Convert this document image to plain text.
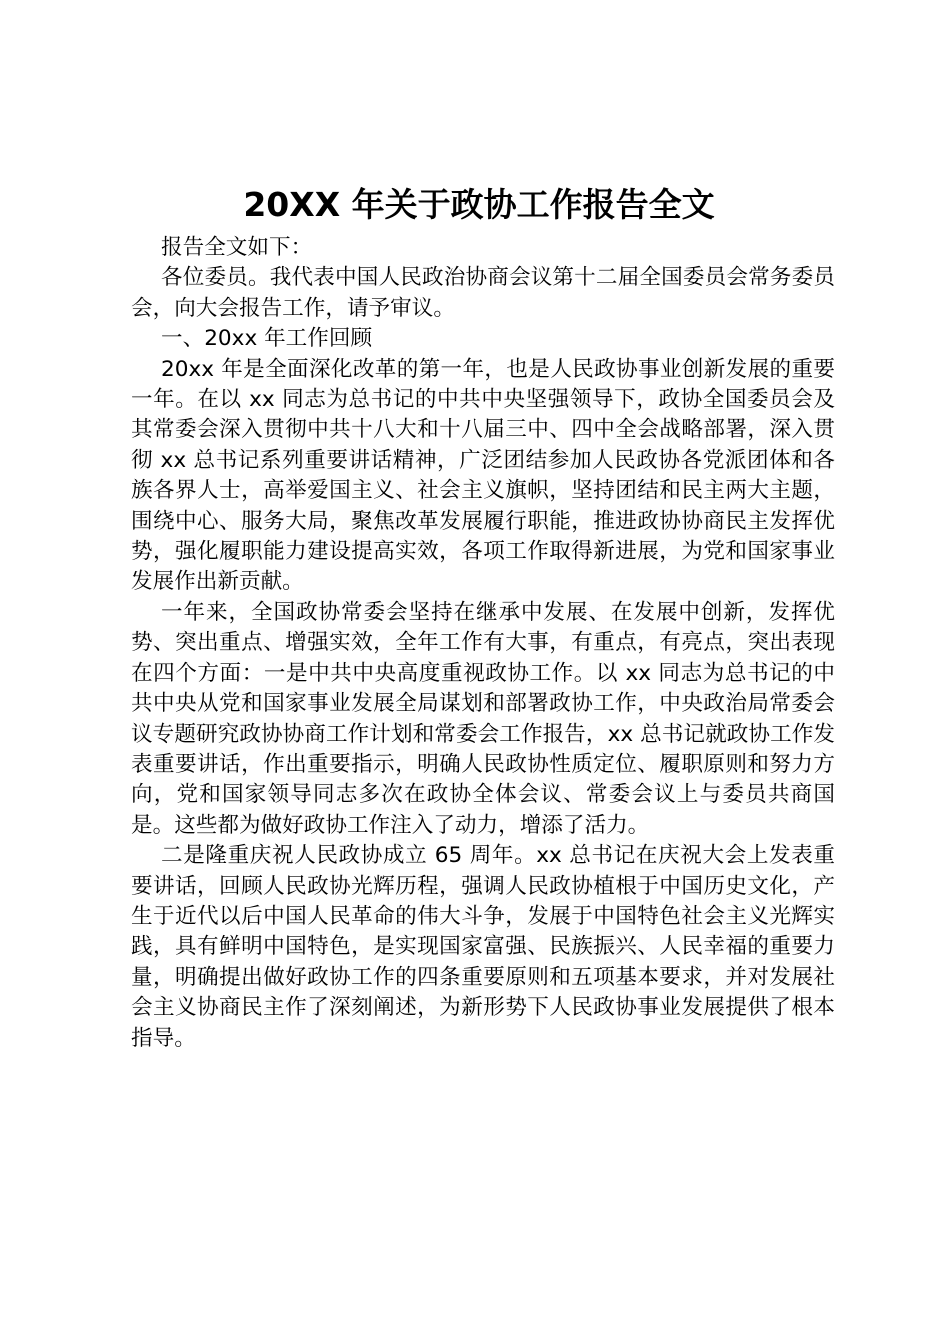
20XX 年关于政协工作报告全文

报告全文如下：

各位委员。我代表中国人民政治协商会议第十二届全国委员会常务委员会，向大会报告工作，请予审议。

一、20xx 年工作回顾

20xx 年是全面深化改革的第一年，也是人民政协事业创新发展的重要一年。在以 xx 同志为总书记的中共中央坚强领导下，政协全国委员会及其常委会深入贯彻中共十八大和十八届三中、四中全会战略部署，深入贯彻 xx 总书记系列重要讲话精神，广泛团结参加人民政协各党派团体和各族各界人士，高举爱国主义、社会主义旗帜，坚持团结和民主两大主题，围绕中心、服务大局，聚焦改革发展履行职能，推进政协协商民主发挥优势，强化履职能力建设提高实效，各项工作取得新进展，为党和国家事业发展作出新贡献。

一年来，全国政协常委会坚持在继承中发展、在发展中创新，发挥优势、突出重点、增强实效，全年工作有大事，有重点，有亮点，突出表现在四个方面：一是中共中央高度重视政协工作。以 xx 同志为总书记的中共中央从党和国家事业发展全局谋划和部署政协工作，中央政治局常委会议专题研究政协协商工作计划和常委会工作报告，xx 总书记就政协工作发表重要讲话，作出重要指示，明确人民政协性质定位、履职原则和努力方向，党和国家领导同志多次在政协全体会议、常委会议上与委员共商国是。这些都为做好政协工作注入了动力，增添了活力。

二是隆重庆祝人民政协成立 65 周年。xx 总书记在庆祝大会上发表重要讲话，回顾人民政协光辉历程，强调人民政协植根于中国历史文化，产生于近代以后中国人民革命的伟大斗争，发展于中国特色社会主义光辉实践，具有鲜明中国特色，是实现国家富强、民族振兴、人民幸福的重要力量，明确提出做好政协工作的四条重要原则和五项基本要求，并对发展社会主义协商民主作了深刻阐述，为新形势下人民政协事业发展提供了根本指导。
